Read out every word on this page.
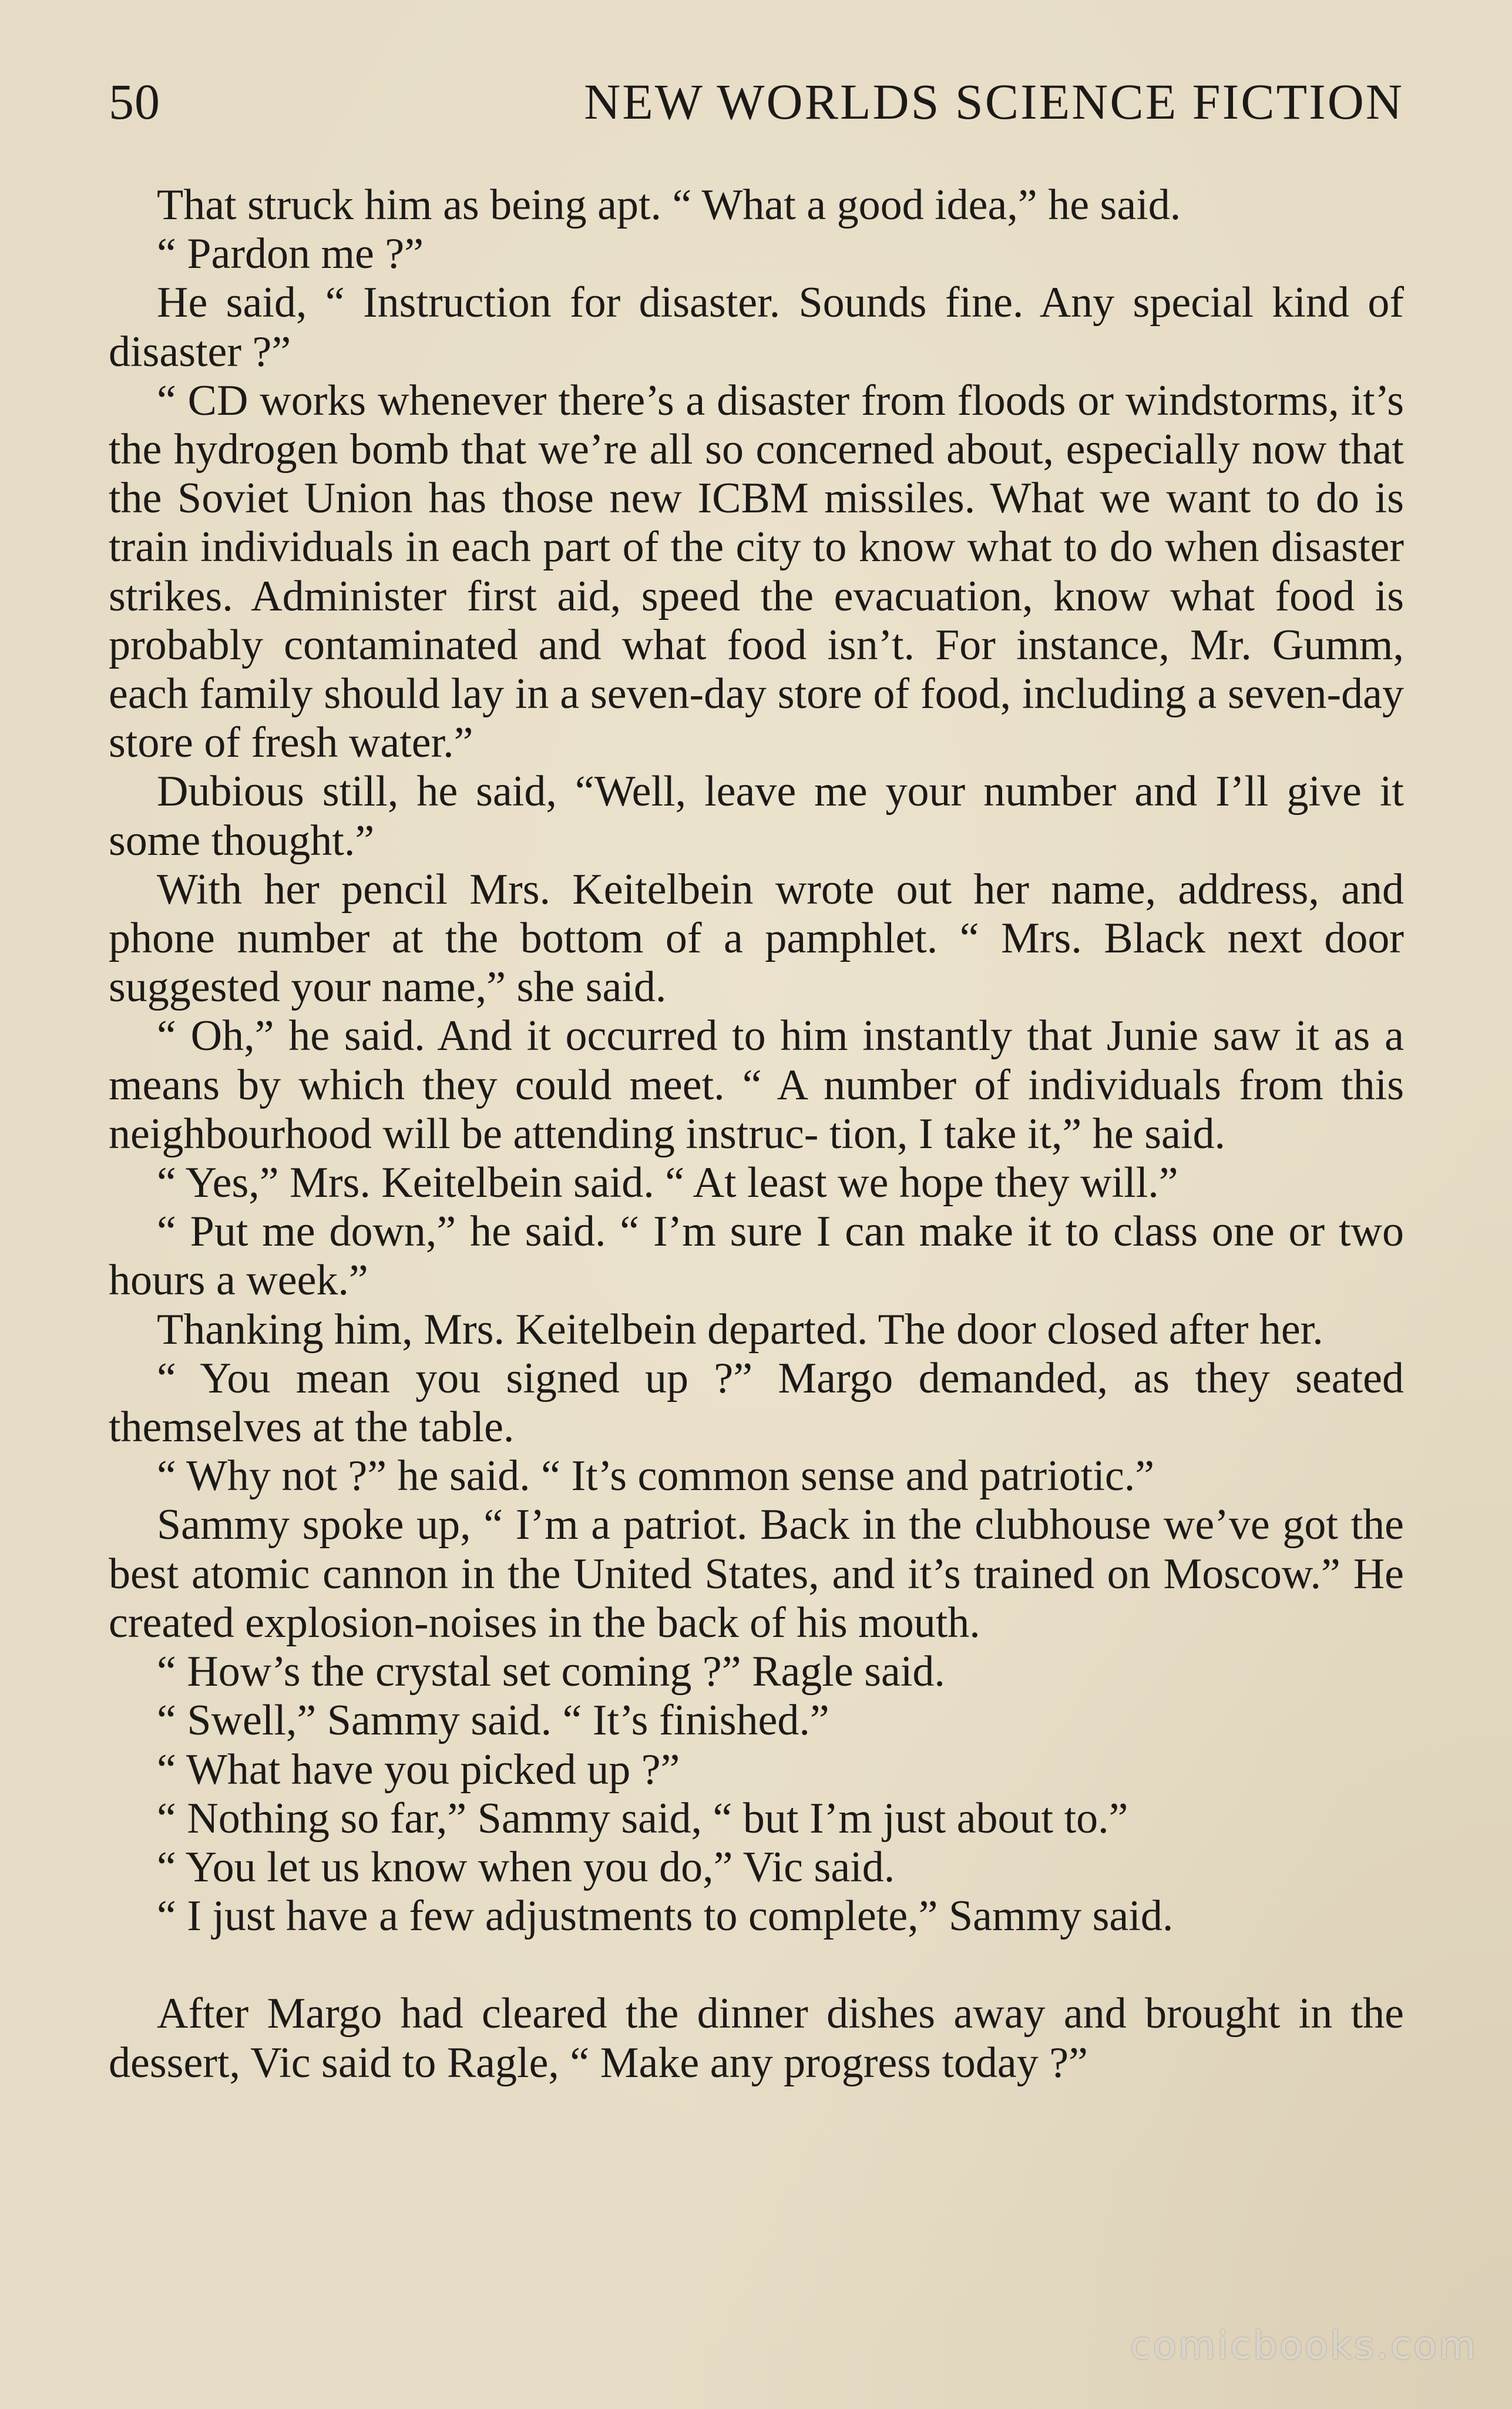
50	NEW WORLDS SCIENCE FICTION

That struck him as being apt. “ What a good idea,” he said.

“ Pardon me ?”

He said, “ Instruction for disaster. Sounds fine. Any special kind of disaster ?”

“ CD works whenever there’s a disaster from floods or windstorms, it’s the hydrogen bomb that we’re all so concerned about, especially now that the Soviet Union has those new ICBM missiles. What we want to do is train individuals in each part of the city to know what to do when disaster strikes. Administer first aid, speed the evacuation, know what food is probably contaminated and what food isn’t. For instance, Mr. Gumm, each family should lay in a seven-day store of food, including a seven-day store of fresh water.”

Dubious still, he said, “Well, leave me your number and I’ll give it some thought.”

With her pencil Mrs. Keitelbein wrote out her name, address, and phone number at the bottom of a pamphlet. “ Mrs. Black next door suggested your name,” she said.

“ Oh,” he said. And it occurred to him instantly that Junie saw it as a means by which they could meet. “ A number of individuals from this neighbourhood will be attending instruc- tion, I take it,” he said.

“ Yes,” Mrs. Keitelbein said. “ At least we hope they will.”

“ Put me down,” he said. “ I’m sure I can make it to class one or two hours a week.”

Thanking him, Mrs. Keitelbein departed. The door closed after her.

“ You mean you signed up ?” Margo demanded, as they seated themselves at the table.

“ Why not ?” he said. “ It’s common sense and patriotic.”

Sammy spoke up, “ I’m a patriot. Back in the clubhouse we’ve got the best atomic cannon in the United States, and it’s trained on Moscow.” He created explosion-noises in the back of his mouth.

“ How’s the crystal set coming ?” Ragle said.

“ Swell,” Sammy said. “ It’s finished.”

“ What have you picked up ?”

“ Nothing so far,” Sammy said, “ but I’m just about to.”

“ You let us know when you do,” Vic said.

“ I just have a few adjustments to complete,” Sammy said.

After Margo had cleared the dinner dishes away and brought in the dessert, Vic said to Ragle, “ Make any progress today ?”

comicbooks.com
